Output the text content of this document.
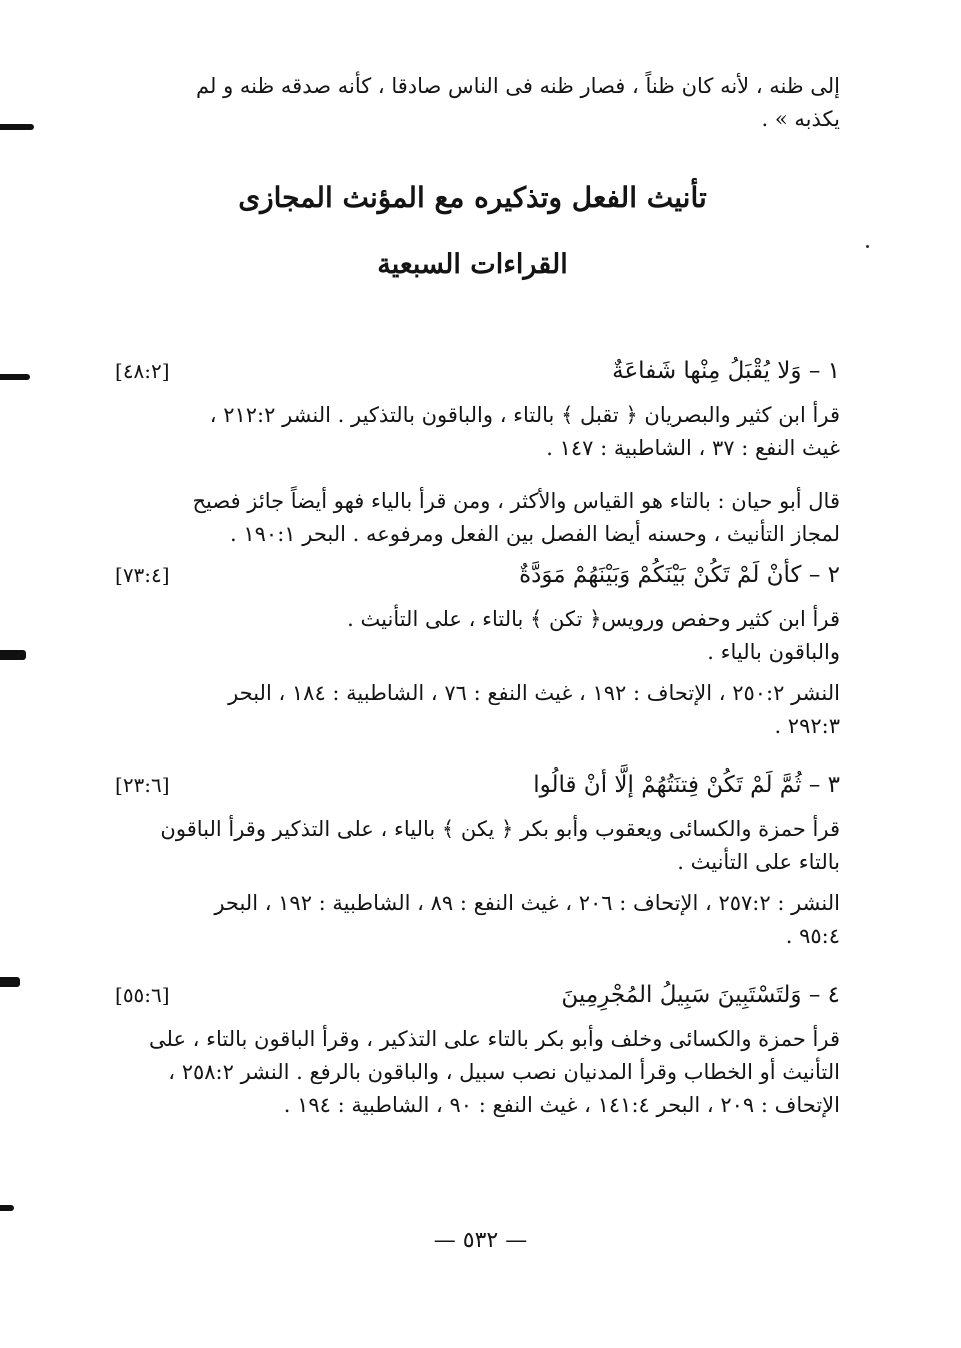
إلى ظنه ، لأنه كان ظناً ، فصار ظنه فى الناس صادقا ، كأنه صدقه ظنه و لم
يكذبه » .
تأنيث الفعل وتذكيره مع المؤنث المجازى
القراءات السبعية
١ – وَلا يُقْبَلُ مِنْها شَفاعَةٌ
[٤٨:٢]
قرأ ابن كثير والبصريان ﴿ تقبل ﴾ بالتاء ، والباقون بالتذكير . النشر ٢١٢:٢ ،
غيث النفع : ٣٧ ، الشاطبية : ١٤٧ .
قال أبو حيان : بالتاء هو القياس والأكثر ، ومن قرأ بالياء فهو أيضاً جائز فصيح
لمجاز التأنيث ، وحسنه أيضا الفصل بين الفعل ومرفوعه . البحر ١٩٠:١ .
٢ – كأنْ لَمْ تَكُنْ بَيْنَكُمْ وَبَيْنَهُمْ مَوَدَّةٌ
[٧٣:٤]
قرأ ابن كثير وحفص ورويس﴿ تكن ﴾ بالتاء ، على التأنيث .
والباقون بالياء .
النشر ٢٥٠:٢ ، الإتحاف : ١٩٢ ، غيث النفع : ٧٦ ، الشاطبية : ١٨٤ ، البحر
٢٩٢:٣ .
٣ – ثُمَّ لَمْ تَكُنْ فِتنَتُهُمْ إلَّا أنْ قالُوا
[٢٣:٦]
قرأ حمزة والكسائى ويعقوب وأبو بكر ﴿ يكن ﴾ بالياء ، على التذكير وقرأ الباقون
بالتاء على التأنيث .
النشر : ٢٥٧:٢ ، الإتحاف : ٢٠٦ ، غيث النفع : ٨٩ ، الشاطبية : ١٩٢ ، البحر
٩٥:٤ .
٤ – وَلتَسْتَبِينَ سَبِيلُ المُجْرِمِينَ
[٥٥:٦]
قرأ حمزة والكسائى وخلف وأبو بكر بالتاء على التذكير ، وقرأ الباقون بالتاء ، على
التأنيث أو الخطاب وقرأ المدنيان نصب سبيل ، والباقون بالرفع . النشر ٢٥٨:٢ ،
الإتحاف : ٢٠٩ ، البحر ١٤١:٤ ، غيث النفع : ٩٠ ، الشاطبية : ١٩٤ .
— ٥٣٢ —
